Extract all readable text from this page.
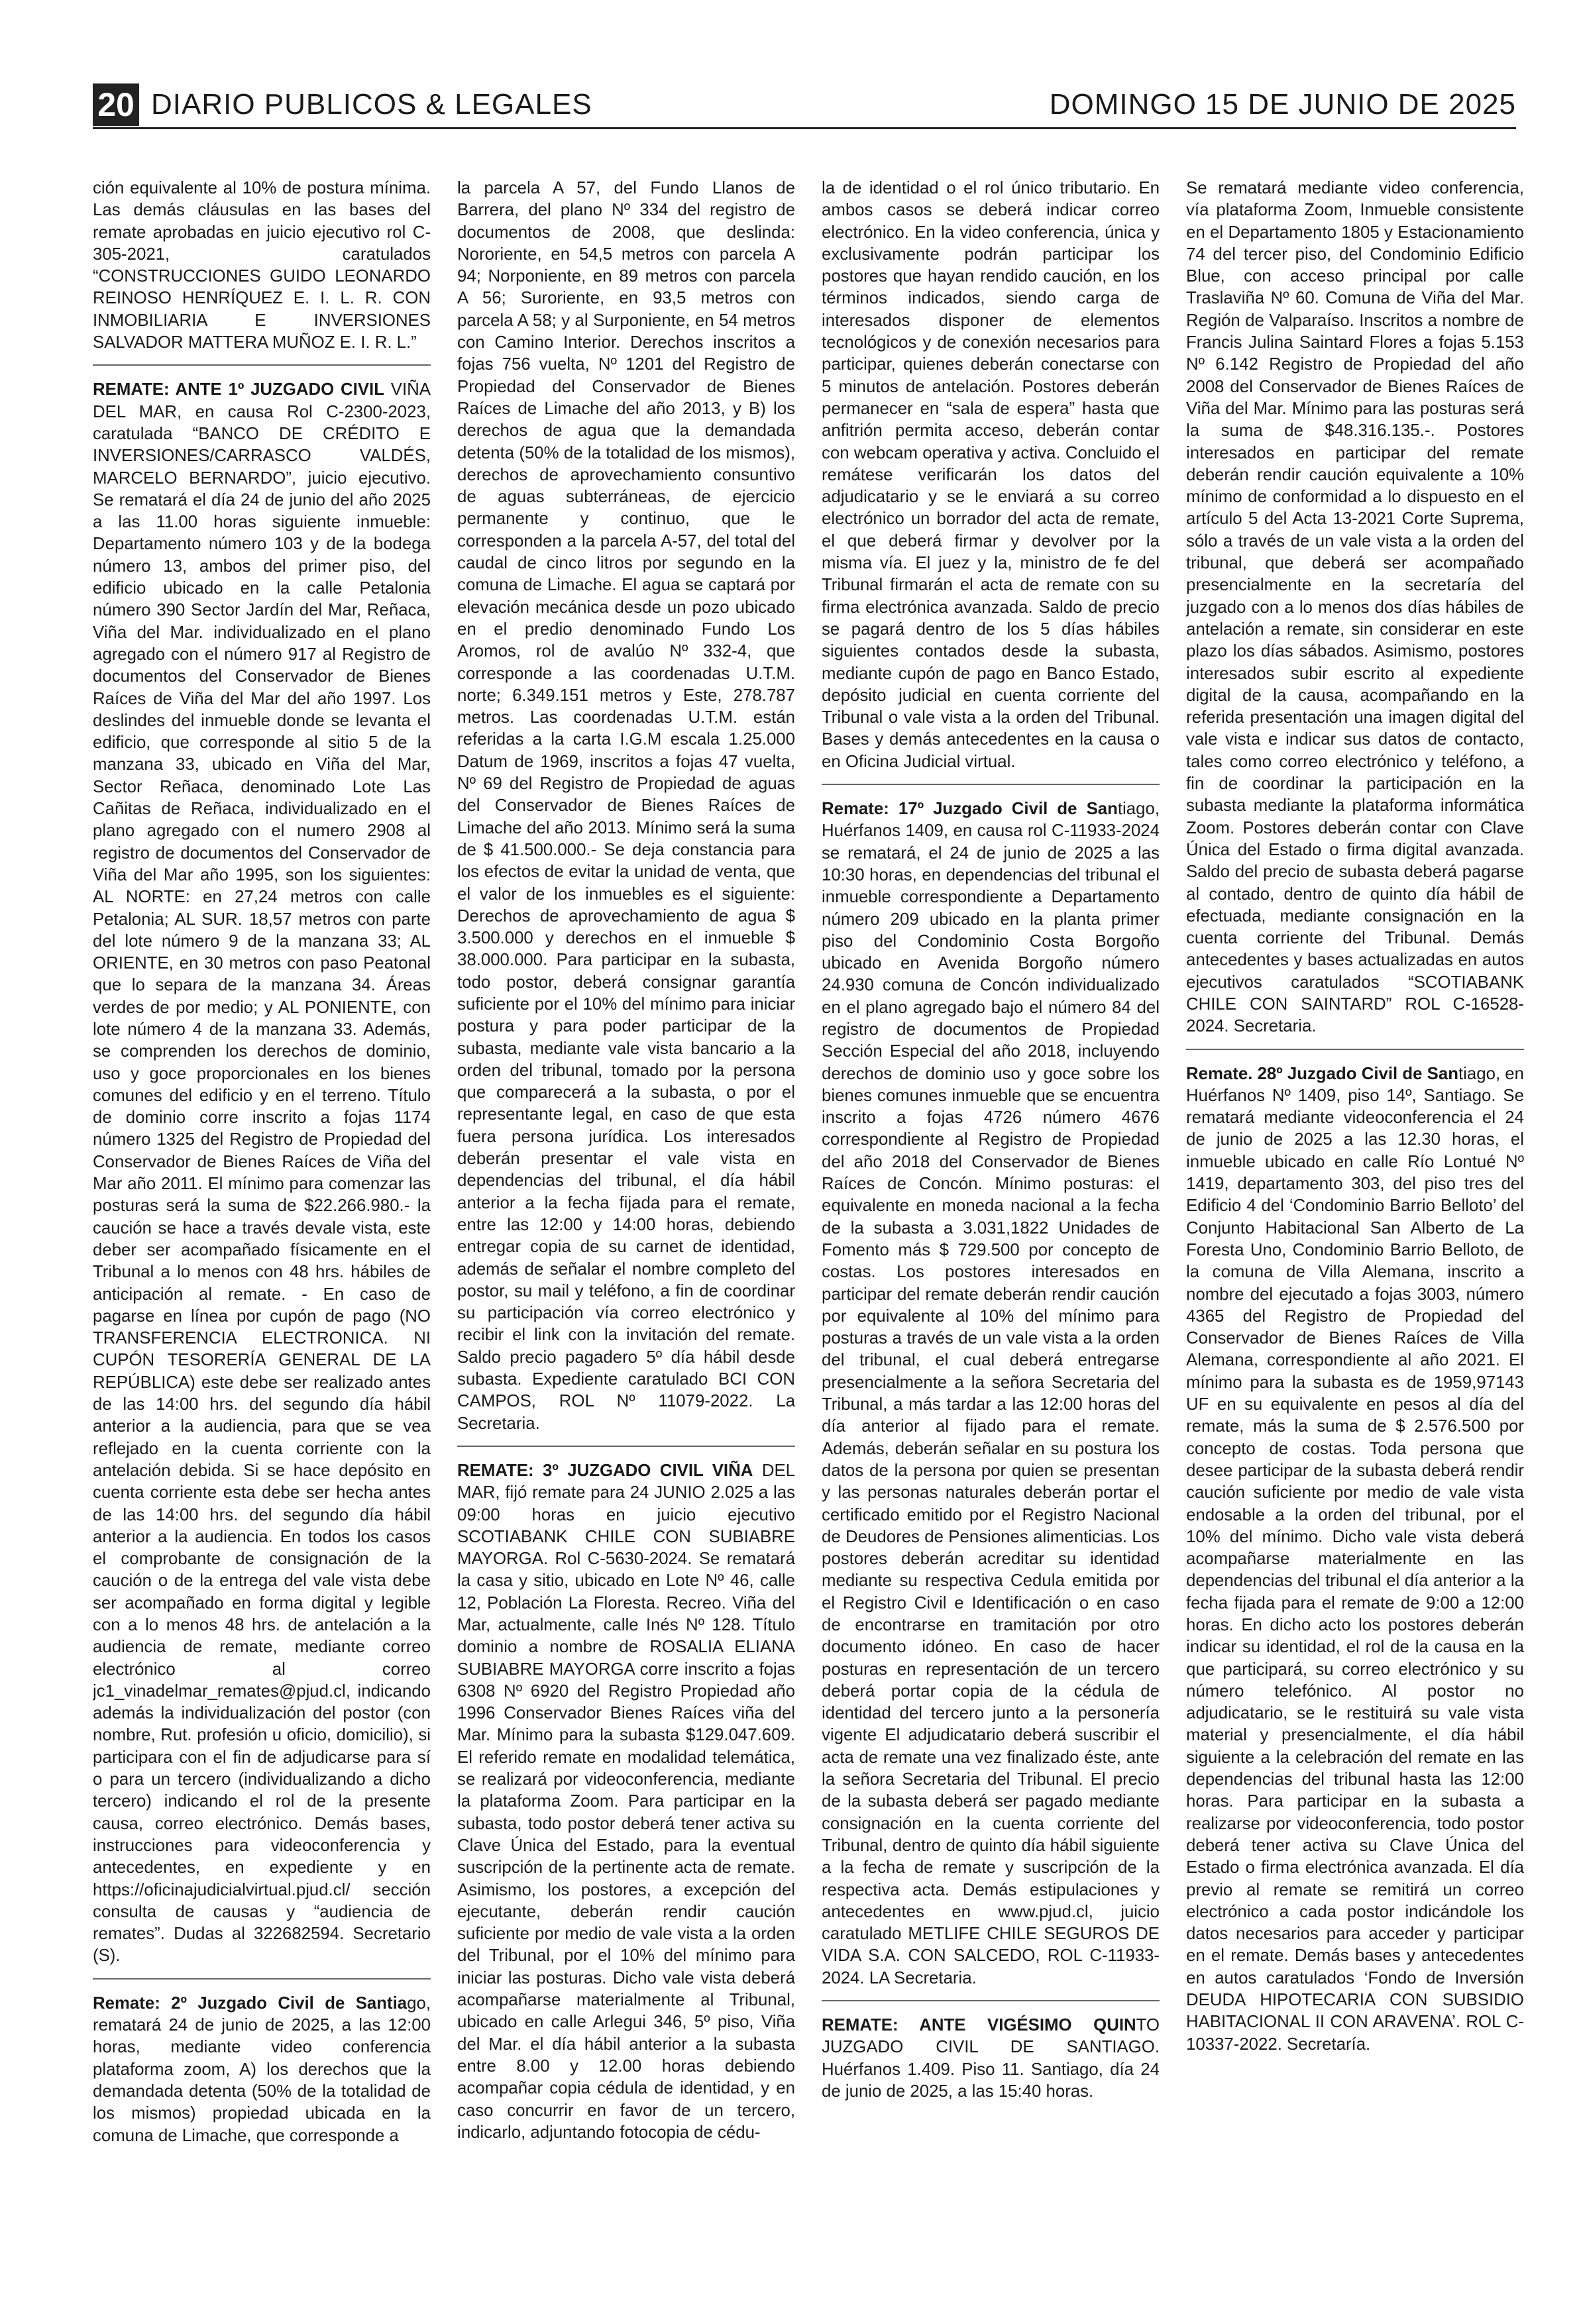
20 DIARIO PUBLICOS & LEGALES	DOMINGO 15 DE JUNIO DE 2025

ción equivalente al 10% de postura mínima. Las demás cláusulas en las bases del remate aprobadas en juicio ejecutivo rol C-305-2021, caratulados “CONSTRUCCIONES GUIDO LEONARDO REINOSO HENRÍQUEZ E. I. L. R. CON INMOBILIARIA E INVERSIONES SALVADOR MATTERA MUÑOZ E. I. R. L.”

REMATE: ANTE 1º JUZGADO CIVIL VIÑA DEL MAR, en causa Rol C-2300-2023, caratulada “BANCO DE CRÉDITO E INVERSIONES/CARRASCO VALDÉS, MARCELO BERNARDO”, juicio ejecutivo. Se rematará el día 24 de junio del año 2025 a las 11.00 horas siguiente inmueble: Departamento número 103 y de la bodega número 13, ambos del primer piso, del edificio ubicado en la calle Petalonia número 390 Sector Jardín del Mar, Reñaca, Viña del Mar. individualizado en el plano agregado con el número 917 al Registro de documentos del Conservador de Bienes Raíces de Viña del Mar del año 1997. Los deslindes del inmueble donde se levanta el edificio, que corresponde al sitio 5 de la manzana 33, ubicado en Viña del Mar, Sector Reñaca, denominado Lote Las Cañitas de Reñaca, individualizado en el plano agregado con el numero 2908 al registro de documentos del Conservador de Viña del Mar año 1995, son los siguientes: AL NORTE: en 27,24 metros con calle Petalonia; AL SUR. 18,57 metros con parte del lote número 9 de la manzana 33; AL ORIENTE, en 30 metros con paso Peatonal que lo separa de la manzana 34. Áreas verdes de por medio; y AL PONIENTE, con lote número 4 de la manzana 33. Además, se comprenden los derechos de dominio, uso y goce proporcionales en los bienes comunes del edificio y en el terreno. Título de dominio corre inscrito a fojas 1174 número 1325 del Registro de Propiedad del Conservador de Bienes Raíces de Viña del Mar año 2011. El mínimo para comenzar las posturas será la suma de $22.266.980.- la caución se hace a través devale vista, este deber ser acompañado físicamente en el Tribunal a lo menos con 48 hrs. hábiles de anticipación al remate. - En caso de pagarse en línea por cupón de pago (NO TRANSFERENCIA ELECTRONICA. NI CUPÓN TESORERÍA GENERAL DE LA REPÚBLICA) este debe ser realizado antes de las 14:00 hrs. del segundo día hábil anterior a la audiencia, para que se vea reflejado en la cuenta corriente con la antelación debida. Si se hace depósito en cuenta corriente esta debe ser hecha antes de las 14:00 hrs. del segundo día hábil anterior a la audiencia. En todos los casos el comprobante de consignación de la caución o de la entrega del vale vista debe ser acompañado en forma digital y legible con a lo menos 48 hrs. de antelación a la audiencia de remate, mediante correo electrónico al correo jc1_vinadelmar_remates@pjud.cl, indicando además la individualización del postor (con nombre, Rut. profesión u oficio, domicilio), si participara con el fin de adjudicarse para sí o para un tercero (individualizando a dicho tercero) indicando el rol de la presente causa, correo electrónico. Demás bases, instrucciones para videoconferencia y antecedentes, en expediente y en https://oficinajudicialvirtual.pjud.cl/ sección consulta de causas y “audiencia de remates”. Dudas al 322682594. Secretario (S).

Remate: 2º Juzgado Civil de Santiago, rematará 24 de junio de 2025, a las 12:00 horas, mediante video conferencia plataforma zoom, A) los derechos que la demandada detenta (50% de la totalidad de los mismos) propiedad ubicada en la comuna de Limache, que corresponde a

la parcela A 57, del Fundo Llanos de Barrera, del plano Nº 334 del registro de documentos de 2008, que deslinda: Nororiente, en 54,5 metros con parcela A 94; Norponiente, en 89 metros con parcela A 56; Suroriente, en 93,5 metros con parcela A 58; y al Surponiente, en 54 metros con Camino Interior. Derechos inscritos a fojas 756 vuelta, Nº 1201 del Registro de Propiedad del Conservador de Bienes Raíces de Limache del año 2013, y B) los derechos de agua que la demandada detenta (50% de la totalidad de los mismos), derechos de aprovechamiento consuntivo de aguas subterráneas, de ejercicio permanente y continuo, que le corresponden a la parcela A-57, del total del caudal de cinco litros por segundo en la comuna de Limache. El agua se captará por elevación mecánica desde un pozo ubicado en el predio denominado Fundo Los Aromos, rol de avalúo Nº 332-4, que corresponde a las coordenadas U.T.M. norte; 6.349.151 metros y Este, 278.787 metros. Las coordenadas U.T.M. están referidas a la carta I.G.M escala 1.25.000 Datum de 1969, inscritos a fojas 47 vuelta, Nº 69 del Registro de Propiedad de aguas del Conservador de Bienes Raíces de Limache del año 2013. Mínimo será la suma de $ 41.500.000.- Se deja constancia para los efectos de evitar la unidad de venta, que el valor de los inmuebles es el siguiente: Derechos de aprovechamiento de agua $ 3.500.000 y derechos en el inmueble $ 38.000.000. Para participar en la subasta, todo postor, deberá consignar garantía suficiente por el 10% del mínimo para iniciar postura y para poder participar de la subasta, mediante vale vista bancario a la orden del tribunal, tomado por la persona que comparecerá a la subasta, o por el representante legal, en caso de que esta fuera persona jurídica. Los interesados deberán presentar el vale vista en dependencias del tribunal, el día hábil anterior a la fecha fijada para el remate, entre las 12:00 y 14:00 horas, debiendo entregar copia de su carnet de identidad, además de señalar el nombre completo del postor, su mail y teléfono, a fin de coordinar su participación vía correo electrónico y recibir el link con la invitación del remate. Saldo precio pagadero 5º día hábil desde subasta. Expediente caratulado BCI CON CAMPOS, ROL Nº 11079-2022. La Secretaria.

REMATE: 3º JUZGADO CIVIL VIÑA DEL MAR, fijó remate para 24 JUNIO 2.025 a las 09:00 horas en juicio ejecutivo SCOTIABANK CHILE CON SUBIABRE MAYORGA. Rol C-5630-2024. Se rematará la casa y sitio, ubicado en Lote Nº 46, calle 12, Población La Floresta. Recreo. Viña del Mar, actualmente, calle Inés Nº 128. Título dominio a nombre de ROSALIA ELIANA SUBIABRE MAYORGA corre inscrito a fojas 6308 Nº 6920 del Registro Propiedad año 1996 Conservador Bienes Raíces viña del Mar. Mínimo para la subasta $129.047.609. El referido remate en modalidad telemática, se realizará por videoconferencia, mediante la plataforma Zoom. Para participar en la subasta, todo postor deberá tener activa su Clave Única del Estado, para la eventual suscripción de la pertinente acta de remate. Asimismo, los postores, a excepción del ejecutante, deberán rendir caución suficiente por medio de vale vista a la orden del Tribunal, por el 10% del mínimo para iniciar las posturas. Dicho vale vista deberá acompañarse materialmente al Tribunal, ubicado en calle Arlegui 346, 5º piso, Viña del Mar. el día hábil anterior a la subasta entre 8.00 y 12.00 horas debiendo acompañar copia cédula de identidad, y en caso concurrir en favor de un tercero, indicarlo, adjuntando fotocopia de cédu-

la de identidad o el rol único tributario. En ambos casos se deberá indicar correo electrónico. En la video conferencia, única y exclusivamente podrán participar los postores que hayan rendido caución, en los términos indicados, siendo carga de interesados disponer de elementos tecnológicos y de conexión necesarios para participar, quienes deberán conectarse con 5 minutos de antelación. Postores deberán permanecer en “sala de espera” hasta que anfitrión permita acceso, deberán contar con webcam operativa y activa. Concluido el remátese verificarán los datos del adjudicatario y se le enviará a su correo electrónico un borrador del acta de remate, el que deberá firmar y devolver por la misma vía. El juez y la, ministro de fe del Tribunal firmarán el acta de remate con su firma electrónica avanzada. Saldo de precio se pagará dentro de los 5 días hábiles siguientes contados desde la subasta, mediante cupón de pago en Banco Estado, depósito judicial en cuenta corriente del Tribunal o vale vista a la orden del Tribunal. Bases y demás antecedentes en la causa o en Oficina Judicial virtual.

Remate: 17º Juzgado Civil de Santiago, Huérfanos 1409, en causa rol C-11933-2024 se rematará, el 24 de junio de 2025 a las 10:30 horas, en dependencias del tribunal el inmueble correspondiente a Departamento número 209 ubicado en la planta primer piso del Condominio Costa Borgoño ubicado en Avenida Borgoño número 24.930 comuna de Concón individualizado en el plano agregado bajo el número 84 del registro de documentos de Propiedad Sección Especial del año 2018, incluyendo derechos de dominio uso y goce sobre los bienes comunes inmueble que se encuentra inscrito a fojas 4726 número 4676 correspondiente al Registro de Propiedad del año 2018 del Conservador de Bienes Raíces de Concón. Mínimo posturas: el equivalente en moneda nacional a la fecha de la subasta a 3.031,1822 Unidades de Fomento más $ 729.500 por concepto de costas. Los postores interesados en participar del remate deberán rendir caución por equivalente al 10% del mínimo para posturas a través de un vale vista a la orden del tribunal, el cual deberá entregarse presencialmente a la señora Secretaria del Tribunal, a más tardar a las 12:00 horas del día anterior al fijado para el remate. Además, deberán señalar en su postura los datos de la persona por quien se presentan y las personas naturales deberán portar el certificado emitido por el Registro Nacional de Deudores de Pensiones alimenticias. Los postores deberán acreditar su identidad mediante su respectiva Cedula emitida por el Registro Civil e Identificación o en caso de encontrarse en tramitación por otro documento idóneo. En caso de hacer posturas en representación de un tercero deberá portar copia de la cédula de identidad del tercero junto a la personería vigente El adjudicatario deberá suscribir el acta de remate una vez finalizado éste, ante la señora Secretaria del Tribunal. El precio de la subasta deberá ser pagado mediante consignación en la cuenta corriente del Tribunal, dentro de quinto día hábil siguiente a la fecha de remate y suscripción de la respectiva acta. Demás estipulaciones y antecedentes en www.pjud.cl, juicio caratulado METLIFE CHILE SEGUROS DE VIDA S.A. CON SALCEDO, ROL C-11933-2024. LA Secretaria.

REMATE: ANTE VIGÉSIMO QUINTO JUZGADO CIVIL DE SANTIAGO. Huérfanos 1.409. Piso 11. Santiago, día 24 de junio de 2025, a las 15:40 horas.

Se rematará mediante video conferencia, vía plataforma Zoom, Inmueble consistente en el Departamento 1805 y Estacionamiento 74 del tercer piso, del Condominio Edificio Blue, con acceso principal por calle Traslaviña Nº 60. Comuna de Viña del Mar. Región de Valparaíso. Inscritos a nombre de Francis Julina Saintard Flores a fojas 5.153 Nº 6.142 Registro de Propiedad del año 2008 del Conservador de Bienes Raíces de Viña del Mar. Mínimo para las posturas será la suma de $48.316.135.-. Postores interesados en participar del remate deberán rendir caución equivalente a 10% mínimo de conformidad a lo dispuesto en el artículo 5 del Acta 13-2021 Corte Suprema, sólo a través de un vale vista a la orden del tribunal, que deberá ser acompañado presencialmente en la secretaría del juzgado con a lo menos dos días hábiles de antelación a remate, sin considerar en este plazo los días sábados. Asimismo, postores interesados subir escrito al expediente digital de la causa, acompañando en la referida presentación una imagen digital del vale vista e indicar sus datos de contacto, tales como correo electrónico y teléfono, a fin de coordinar la participación en la subasta mediante la plataforma informática Zoom. Postores deberán contar con Clave Única del Estado o firma digital avanzada. Saldo del precio de subasta deberá pagarse al contado, dentro de quinto día hábil de efectuada, mediante consignación en la cuenta corriente del Tribunal. Demás antecedentes y bases actualizadas en autos ejecutivos caratulados “SCOTIABANK CHILE CON SAINTARD” ROL C-16528-2024. Secretaria.

Remate. 28º Juzgado Civil de Santiago, en Huérfanos Nº 1409, piso 14º, Santiago. Se rematará mediante videoconferencia el 24 de junio de 2025 a las 12.30 horas, el inmueble ubicado en calle Río Lontué Nº 1419, departamento 303, del piso tres del Edificio 4 del ‘Condominio Barrio Belloto’ del Conjunto Habitacional San Alberto de La Foresta Uno, Condominio Barrio Belloto, de la comuna de Villa Alemana, inscrito a nombre del ejecutado a fojas 3003, número 4365 del Registro de Propiedad del Conservador de Bienes Raíces de Villa Alemana, correspondiente al año 2021. El mínimo para la subasta es de 1959,97143 UF en su equivalente en pesos al día del remate, más la suma de $ 2.576.500 por concepto de costas. Toda persona que desee participar de la subasta deberá rendir caución suficiente por medio de vale vista endosable a la orden del tribunal, por el 10% del mínimo. Dicho vale vista deberá acompañarse materialmente en las dependencias del tribunal el día anterior a la fecha fijada para el remate de 9:00 a 12:00 horas. En dicho acto los postores deberán indicar su identidad, el rol de la causa en la que participará, su correo electrónico y su número telefónico. Al postor no adjudicatario, se le restituirá su vale vista material y presencialmente, el día hábil siguiente a la celebración del remate en las dependencias del tribunal hasta las 12:00 horas. Para participar en la subasta a realizarse por videoconferencia, todo postor deberá tener activa su Clave Única del Estado o firma electrónica avanzada. El día previo al remate se remitirá un correo electrónico a cada postor indicándole los datos necesarios para acceder y participar en el remate. Demás bases y antecedentes en autos caratulados ‘Fondo de Inversión DEUDA HIPOTECARIA CON SUBSIDIO HABITACIONAL II CON ARAVENA’. ROL C-10337-2022. Secretaría.
